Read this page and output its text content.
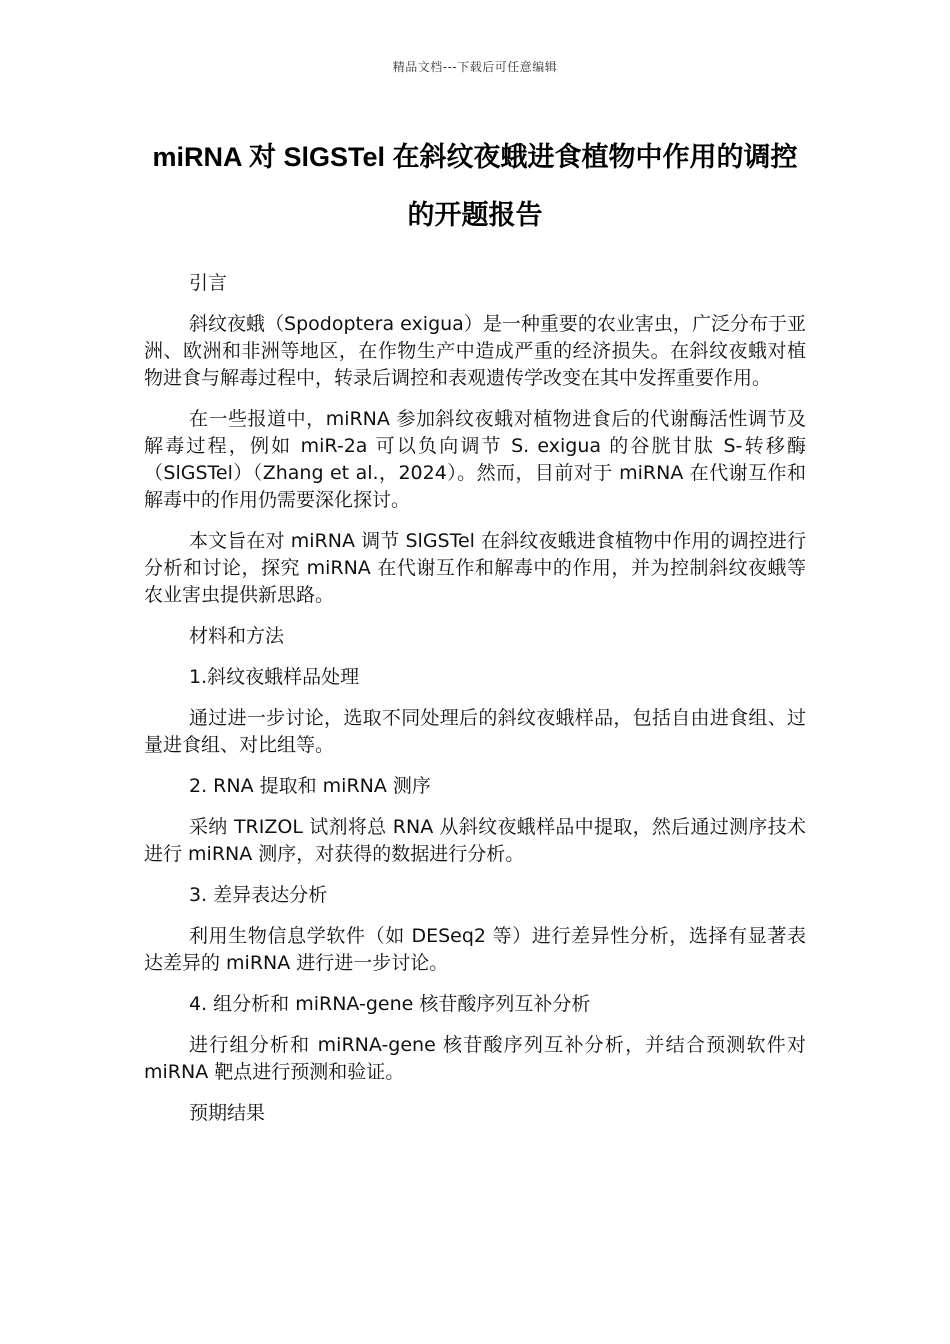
精品文档---下载后可任意编辑
miRNA 对 SlGSTel 在斜纹夜蛾进食植物中作用的调控的开题报告

引言

斜纹夜蛾（Spodoptera exigua）是一种重要的农业害虫，广泛分布于亚洲、欧洲和非洲等地区，在作物生产中造成严重的经济损失。在斜纹夜蛾对植物进食与解毒过程中，转录后调控和表观遗传学改变在其中发挥重要作用。

在一些报道中，miRNA 参加斜纹夜蛾对植物进食后的代谢酶活性调节及解毒过程，例如 miR-2a 可以负向调节 S. exigua 的谷胱甘肽 S-转移酶（SlGSTel）（Zhang et al.，2024）。然而，目前对于 miRNA 在代谢互作和解毒中的作用仍需要深化探讨。

本文旨在对 miRNA 调节 SlGSTel 在斜纹夜蛾进食植物中作用的调控进行分析和讨论，探究 miRNA 在代谢互作和解毒中的作用，并为控制斜纹夜蛾等农业害虫提供新思路。

材料和方法

1.斜纹夜蛾样品处理

通过进一步讨论，选取不同处理后的斜纹夜蛾样品，包括自由进食组、过量进食组、对比组等。

2. RNA 提取和 miRNA 测序

采纳 TRIZOL 试剂将总 RNA 从斜纹夜蛾样品中提取，然后通过测序技术进行 miRNA 测序，对获得的数据进行分析。

3. 差异表达分析

利用生物信息学软件（如 DESeq2 等）进行差异性分析，选择有显著表达差异的 miRNA 进行进一步讨论。

4. 组分析和 miRNA-gene 核苷酸序列互补分析

进行组分析和 miRNA-gene 核苷酸序列互补分析，并结合预测软件对 miRNA 靶点进行预测和验证。

预期结果
